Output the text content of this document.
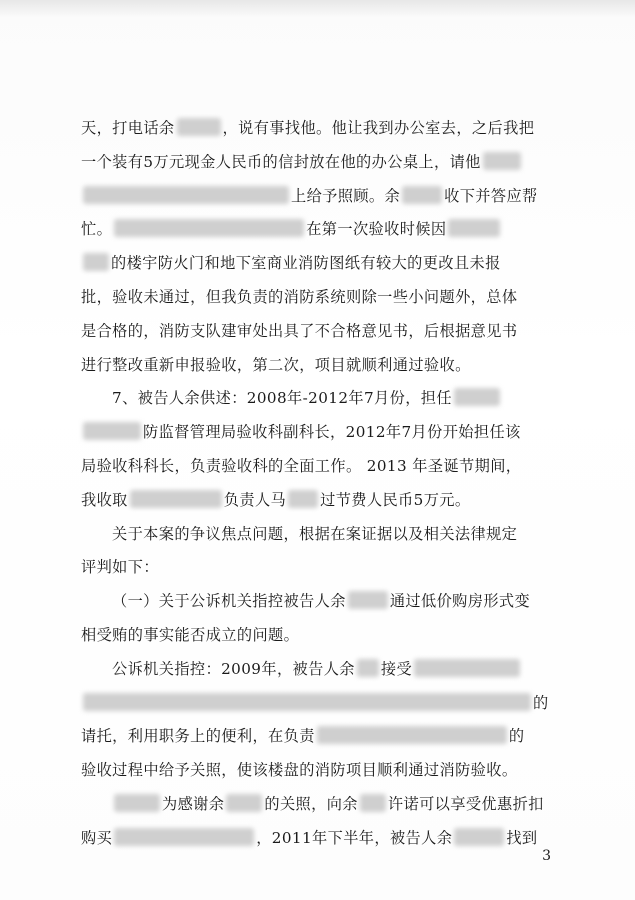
天，打电话余	，说有事找他。他让我到办公室去，之后我把
一个装有5万元现金人民币的信封放在他的办公桌上，请他
上给予照顾。余	收下并答应帮
忙。	在第一次验收时候因
的楼宇防火门和地下室商业消防图纸有较大的更改且未报
批，验收未通过，但我负责的消防系统则除一些小问题外，总体
是合格的，消防支队建审处出具了不合格意见书，后根据意见书
进行整改重新申报验收，第二次，项目就顺利通过验收。
7、被告人余供述：2008年-2012年7月份，担任
防监督管理局验收科副科长，2012年7月份开始担任该
局验收科科长，负责验收科的全面工作。 2013 年圣诞节期间，
我收取	负责人马 过节费人民币5万元。
关于本案的争议焦点问题，根据在案证据以及相关法律规定
评判如下：
（一）关于公诉机关指控被告人余	通过低价购房形式变
相受贿的事实能否成立的问题。
公诉机关指控：2009年，被告人余 接受
的
请托，利用职务上的便利，在负责	的
验收过程中给予关照，使该楼盘的消防项目顺利通过消防验收。
为感谢余	的关照，向余 许诺可以享受优惠折扣
购买	，2011年下半年，被告人余	找到
3
